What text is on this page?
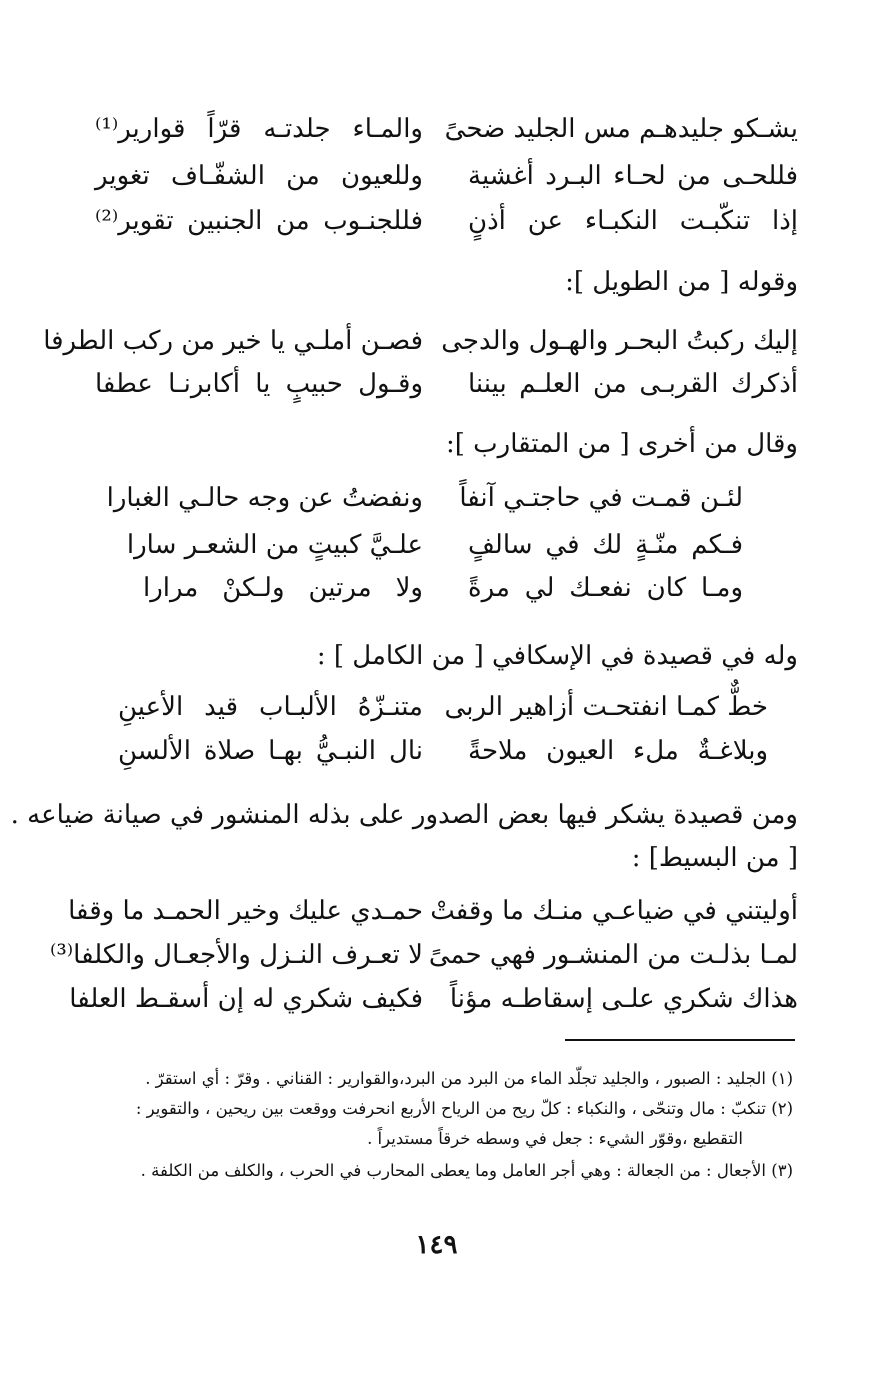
يشـكو جليدهـم مس الجليد ضحىً
والمـاء جلدتـه قرّاً قوارير⁽¹⁾
فللحـى من لحـاء البـرد أغشية
وللعيون من الشفّـاف تغوير
إذا تنكّبـت النكبـاء عن أذنٍ
فللجنـوب من الجنبين تقوير⁽²⁾
وقوله [ من الطويل ]:
إليك ركبتُ البحـر والهـول والدجى
فصـن أملـي يا خير من ركب الطرفا
أذكرك القربـى من العلـم بيننا
وقـول حبيبٍ يا أكابرنـا عطفا
وقال من أخرى [ من المتقارب ]:
لئـن قمـت في حاجتـي آنفاً
ونفضتُ عن وجه حالـي الغبارا
فـكم منّـةٍ لك في سالفٍ
علـيَّ كبيتٍ من الشعـر سارا
ومـا كان نفعـك لي مرةً
ولا مرتين ولـكنْ مرارا
وله في قصيدة في الإسكافي [ من الكامل ] :
خطٌّ كمـا انفتحـت أزاهير الربى
متنـزّهُ الألبـاب قيد الأعينِ
وبلاغـةٌ ملء العيون ملاحةً
نال النبـيُّ بهـا صلاة الألسنِ
ومن قصيدة يشكر فيها بعض الصدور على بذله المنشور في صيانة ضياعه .
[ من البسيط] :
أوليتني في ضياعـي منـك ما وقفتْ
حمـدي عليك وخير الحمـد ما وقفا
لمـا بذلـت من المنشـور فهي حمىً
لا تعـرف النـزل والأجعـال والكلفا⁽³⁾
هذاك شكري علـى إسقاطـه مؤناً
فكيف شكري له إن أسقـط العلفا
(١) الجليد : الصبور ، والجليد تجلّد الماء من البرد من البرد،والقوارير : القناني . وقرّ : أي استقرّ .
(٢) تنكبّ : مال وتنحّى ، والنكباء : كلّ ريح من الرياح الأربع انحرفت ووقعت بين ريحين ، والتقوير :
التقطيع ،وقوّر الشيء : جعل في وسطه خرقاً مستديراً .
(٣) الأجعال : من الجعالة : وهي أجر العامل وما يعطى المحارب في الحرب ، والكلف من الكلفة .
١٤٩
